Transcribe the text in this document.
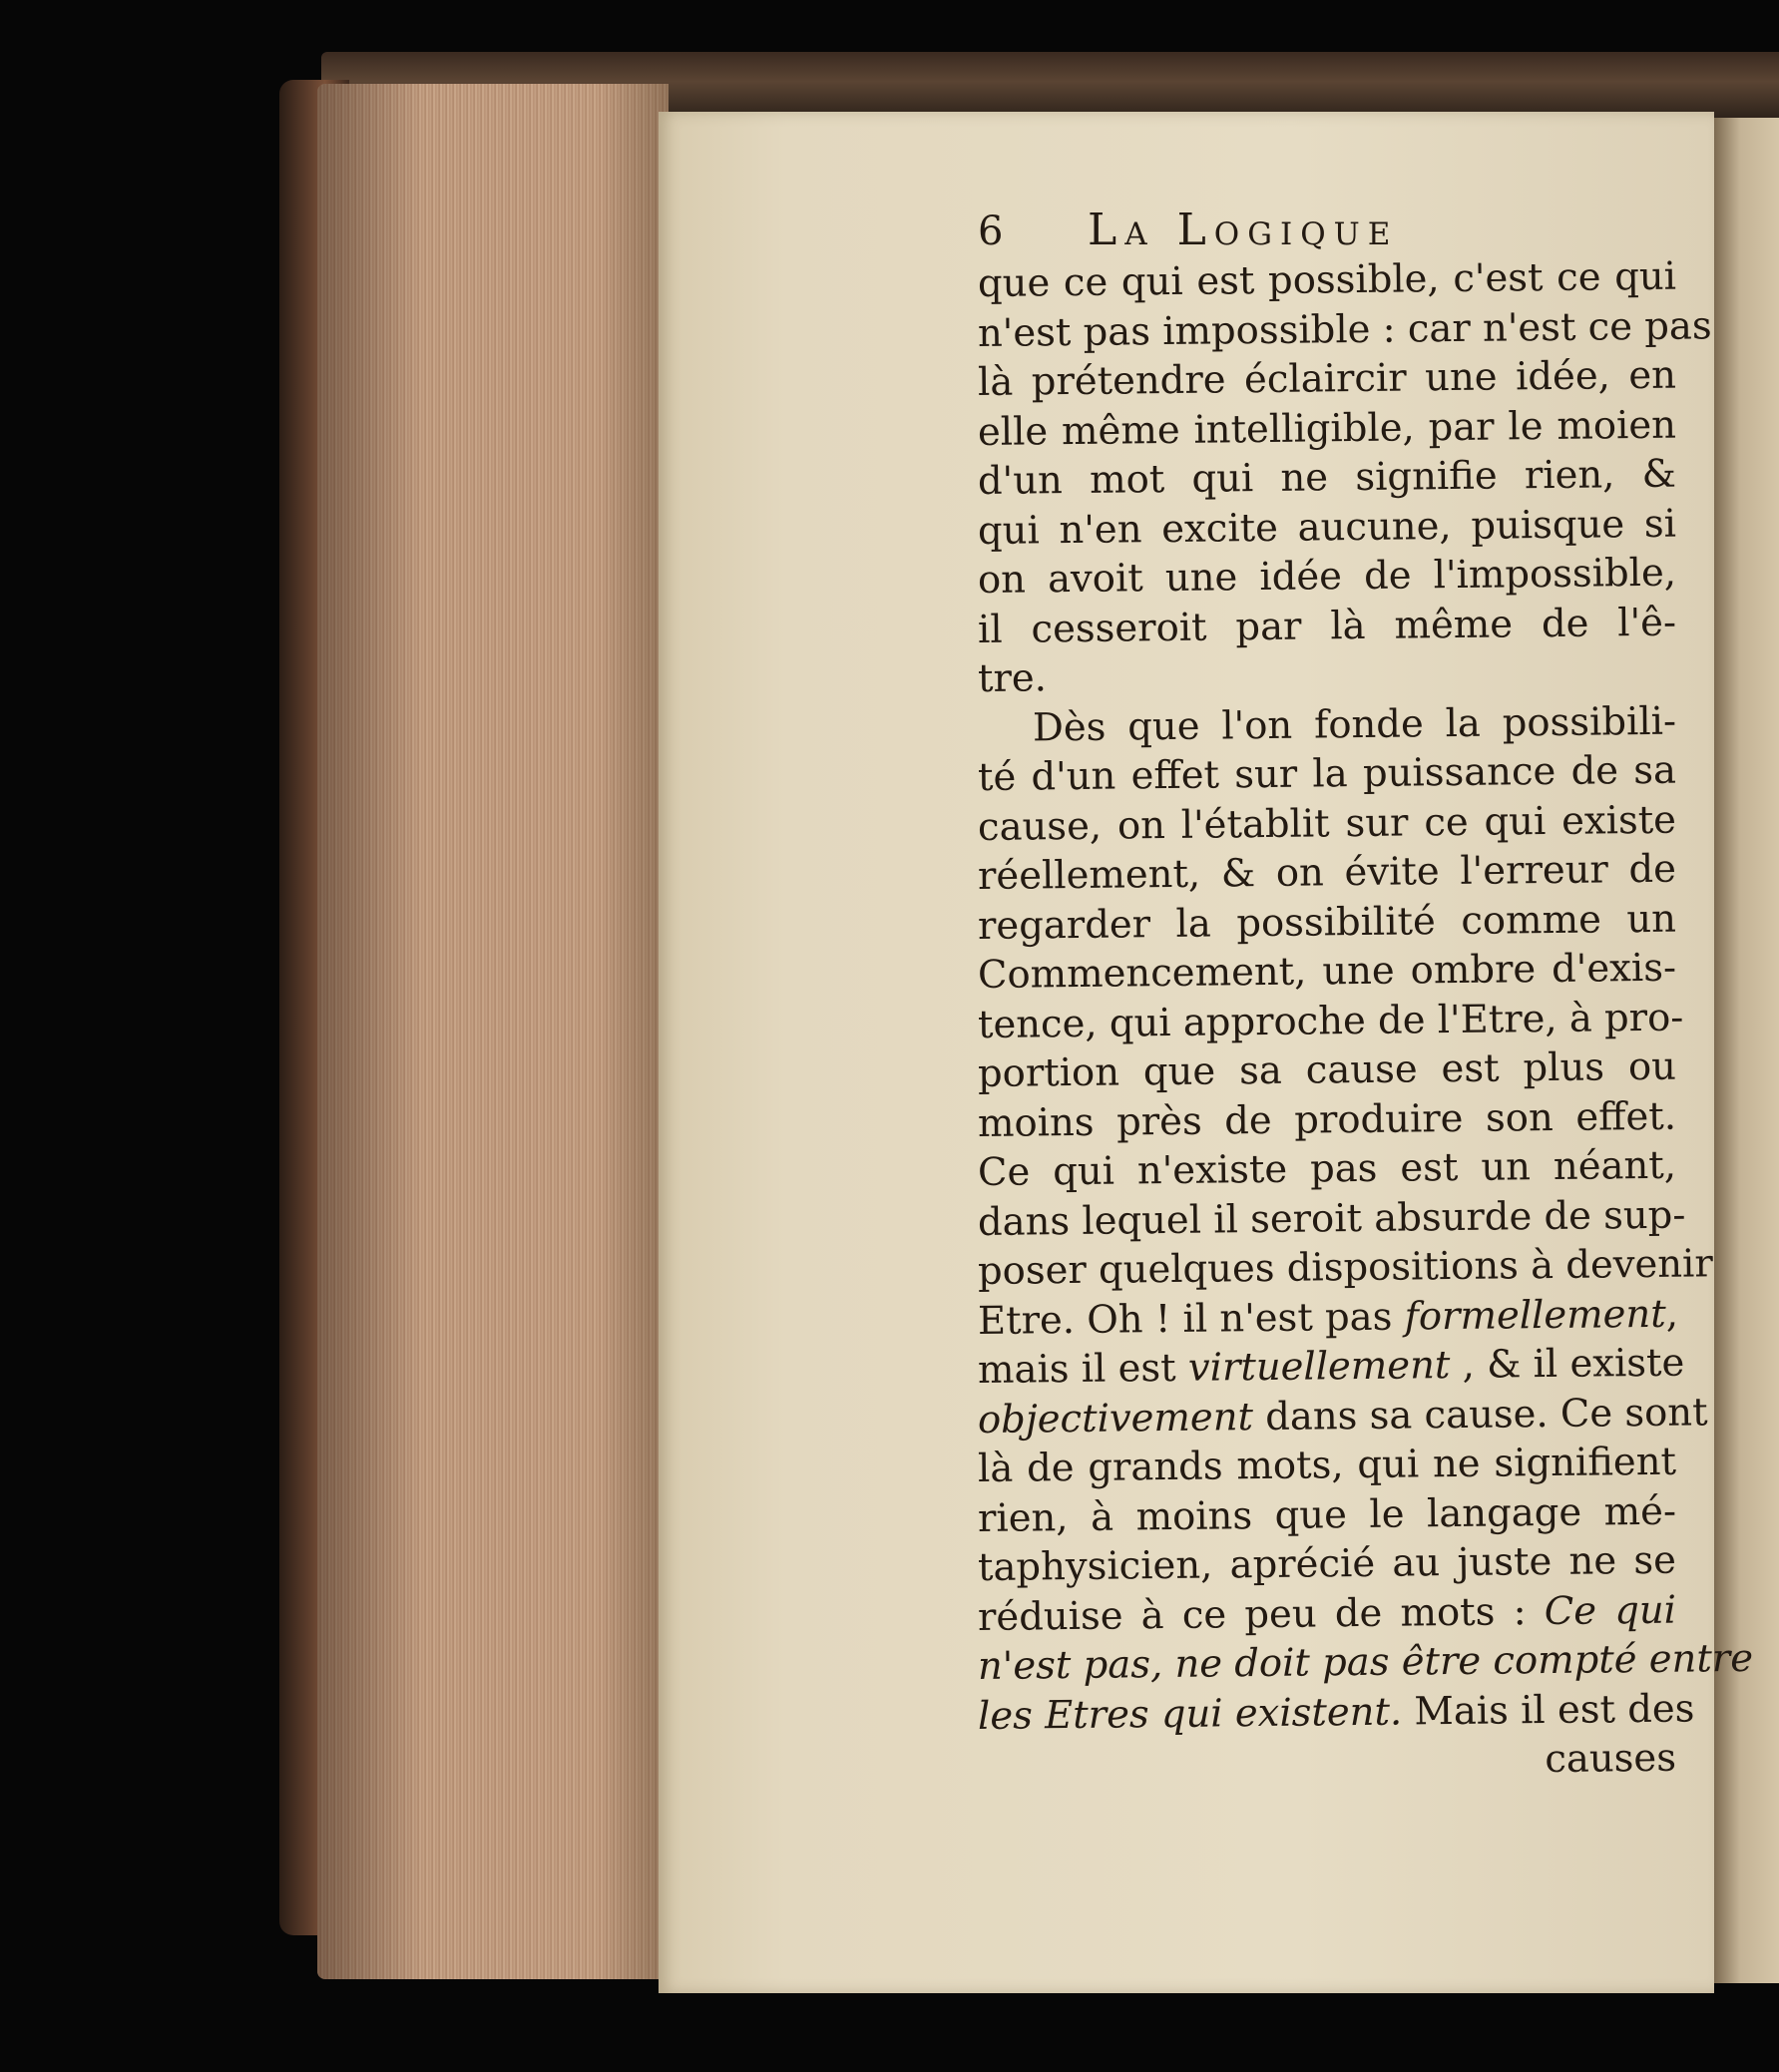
6	La Logique
que ce qui est possible, c'est ce qui
n'est pas impossible : car n'est ce pas
là prétendre éclaircir une idée, en
elle même intelligible, par le moien
d'un mot qui ne signifie rien, &
qui n'en excite aucune, puisque si
on avoit une idée de l'impossible,
il cesseroit par là même de l'ê-
tre.
Dès que l'on fonde la possibili-
té d'un effet sur la puissance de sa
cause, on l'établit sur ce qui existe
réellement, & on évite l'erreur de
regarder la possibilité comme un
Commencement, une ombre d'exis-
tence, qui approche de l'Etre, à pro-
portion que sa cause est plus ou
moins près de produire son effet.
Ce qui n'existe pas est un néant,
dans lequel il seroit absurde de sup-
poser quelques dispositions à devenir
Etre. Oh ! il n'est pas formellement,
mais il est virtuellement , & il existe
objectivement dans sa cause. Ce sont
là de grands mots, qui ne signifient
rien, à moins que le langage mé-
taphysicien, aprécié au juste ne se
réduise à ce peu de mots : Ce qui
n'est pas, ne doit pas être compté entre
les Etres qui existent. Mais il est des
causes
